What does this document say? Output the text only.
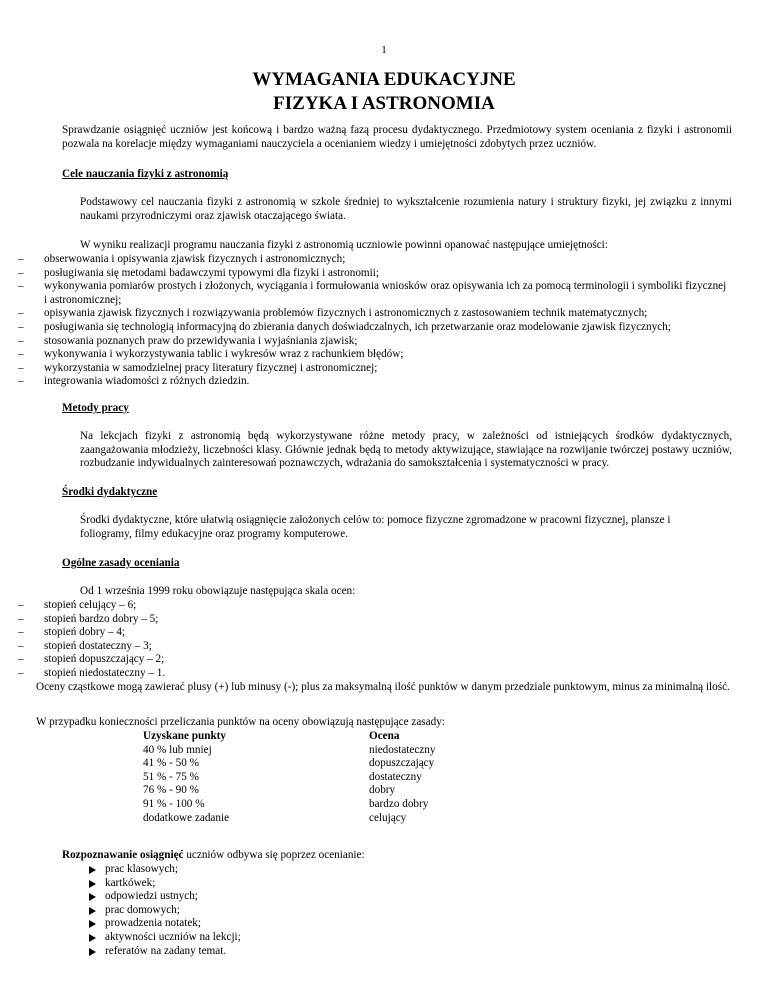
1
WYMAGANIA EDUKACYJNE
FIZYKA I ASTRONOMIA

Sprawdzanie osiągnięć uczniów jest końcową i bardzo ważną fazą procesu dydaktycznego. Przedmiotowy system oceniania z fizyki i astronomii pozwala na korelacje między wymaganiami nauczyciela a ocenianiem wiedzy i umiejętności zdobytych przez uczniów.

Cele nauczania fizyki z astronomią

Podstawowy cel nauczania fizyki z astronomią w szkole średniej to wykształcenie rozumienia natury i struktury fizyki, jej związku z innymi naukami przyrodniczymi oraz zjawisk otaczającego świata.

W wyniku realizacji programu nauczania fizyki z astronomią uczniowie powinni opanować następujące umiejętności:

– obserwowania i opisywania zjawisk fizycznych i astronomicznych;
– posługiwania się metodami badawczymi typowymi dla fizyki i astronomii;
– wykonywania pomiarów prostych i złożonych, wyciągania i formułowania wniosków oraz opisywania ich za pomocą terminologii i symboliki fizycznej i astronomicznej;
– opisywania zjawisk fizycznych i rozwiązywania problemów fizycznych i astronomicznych z zastosowaniem technik matematycznych;
– posługiwania się technologią informacyjną do zbierania danych doświadczalnych, ich przetwarzanie oraz modelowanie zjawisk fizycznych;
– stosowania poznanych praw do przewidywania i wyjaśniania zjawisk;
– wykonywania i wykorzystywania tablic i wykresów wraz z rachunkiem błędów;
– wykorzystania w samodzielnej pracy literatury fizycznej i astronomicznej;
– integrowania wiadomości z różnych dziedzin.
Metody pracy

Na lekcjach fizyki z astronomią będą wykorzystywane różne metody pracy, w zależności od istniejących środków dydaktycznych, zaangażowania młodzieży, liczebności klasy. Głównie jednak będą to metody aktywizujące, stawiające na rozwijanie twórczej postawy uczniów, rozbudzanie indywidualnych zainteresowań poznawczych, wdrażania do samokształcenia i systematyczności w pracy.

Środki dydaktyczne
Środki dydaktyczne, które ułatwią osiągnięcie założonych celów to: pomoce fizyczne zgromadzone w pracowni fizycznej, plansze i
foliogramy, filmy edukacyjne oraz programy komputerowe.
Ogólne zasady oceniania

Od 1 września 1999 roku obowiązuje następująca skala ocen:

– stopień celujący – 6;
– stopień bardzo dobry – 5;
– stopień dobry – 4;
– stopień dostateczny – 3;
– stopień dopuszczający – 2;
– stopień niedostateczny – 1.

Oceny cząstkowe mogą zawierać plusy (+) lub minusy (-); plus za maksymalną ilość punktów w danym przedziale punktowym, minus za minimalną ilość.

W przypadku konieczności przeliczania punktów na oceny obowiązują następujące zasady:

Uzyskane punkty	Ocena
40 % lub mniej	niedostateczny
41 % - 50 %	dopuszczający
51 % - 75 %	dostateczny
76 % - 90 %	dobry
91 % - 100 %	bardzo dobry
dodatkowe zadanie	celujący

Rozpoznawanie osiągnięć uczniów odbywa się poprzez ocenianie:

prac klasowych;
kartkówek;
odpowiedzi ustnych;
prac domowych;
prowadzenia notatek;
aktywności uczniów na lekcji;
referatów na zadany temat.
